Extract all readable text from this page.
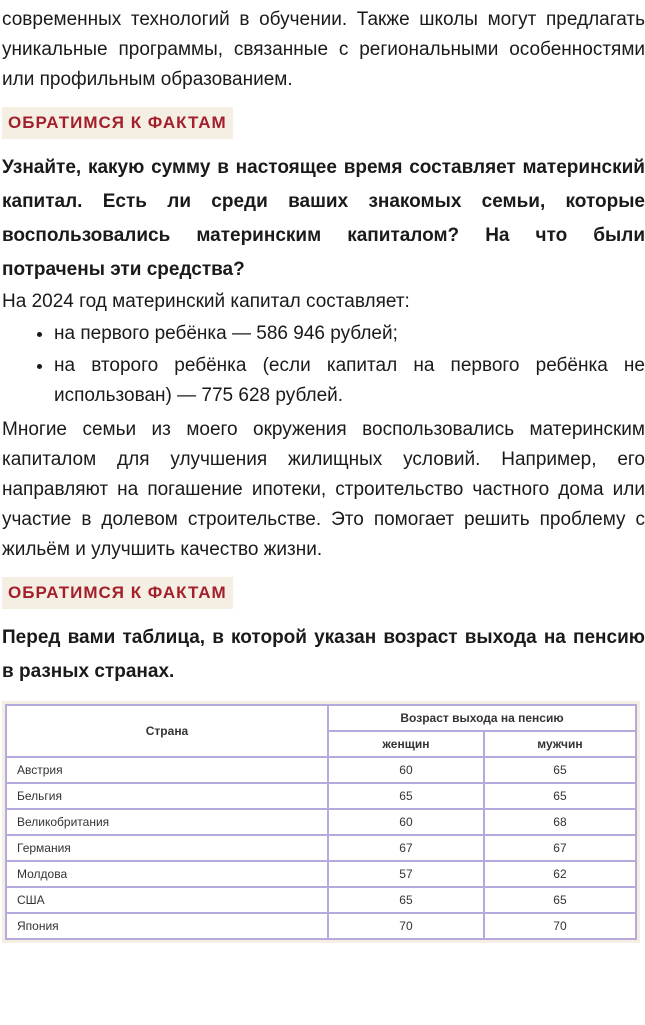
современных технологий в обучении. Также школы могут предлагать уникальные программы, связанные с региональными особенностями или профильным образованием.

ОБРАТИМСЯ К ФАКТАМ
Узнайте, какую сумму в настоящее время составляет материнский капитал. Есть ли среди ваших знакомых семьи, которые воспользовались материнским капиталом? На что были потрачены эти средства?

На 2024 год материнский капитал составляет:

• на первого ребёнка — 586 946 рублей;
• на второго ребёнка (если капитал на первого ребёнка не использован) — 775 628 рублей.

Многие семьи из моего окружения воспользовались материнским капиталом для улучшения жилищных условий. Например, его направляют на погашение ипотеки, строительство частного дома или участие в долевом строительстве. Это помогает решить проблему с жильём и улучшить качество жизни.

ОБРАТИМСЯ К ФАКТАМ
Перед вами таблица, в которой указан возраст выхода на пенсию в разных странах.
Страна	Возраст выхода на пенсию	
	женщин	мужчин
Австрия	60	65
Бельгия	65	65
Великобритания	60	68
Германия	67	67
Молдова	57	62
США	65	65
Япония	70	70
